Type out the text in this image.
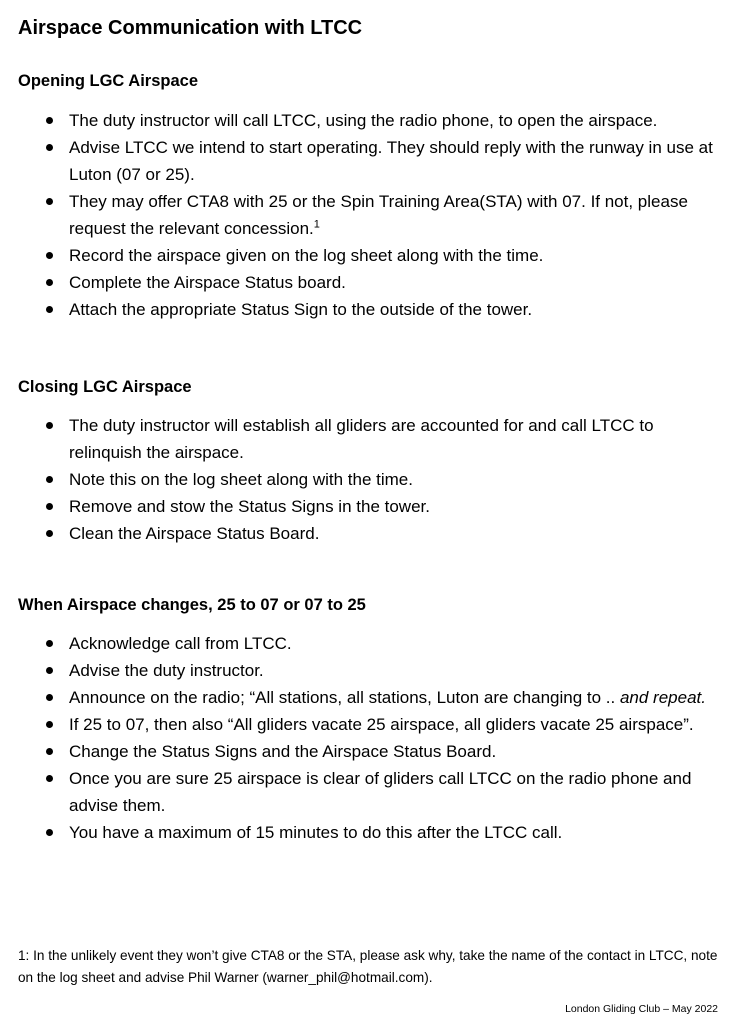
Airspace Communication with LTCC
Opening LGC Airspace
The duty instructor will call LTCC, using the radio phone, to open the airspace.
Advise LTCC we intend to start operating. They should reply with the runway in use at Luton (07 or 25).
They may offer CTA8 with 25 or the Spin Training Area(STA) with 07. If not, please request the relevant concession.$^1$
Record the airspace given on the log sheet along with the time.
Complete the Airspace Status board.
Attach the appropriate Status Sign to the outside of the tower.
Closing LGC Airspace
The duty instructor will establish all gliders are accounted for and call LTCC to relinquish the airspace.
Note this on the log sheet along with the time.
Remove and stow the Status Signs in the tower.
Clean the Airspace Status Board.
When Airspace changes, 25 to 07 or 07 to 25
Acknowledge call from LTCC.
Advise the duty instructor.
Announce on the radio; “All stations, all stations, Luton are changing to .. and repeat.
If 25 to 07, then also “All gliders vacate 25 airspace, all gliders vacate 25 airspace”.
Change the Status Signs and the Airspace Status Board.
Once you are sure 25 airspace is clear of gliders call LTCC on the radio phone and advise them.
You have a maximum of 15 minutes to do this after the LTCC call.

1: In the unlikely event they won’t give CTA8 or the STA, please ask why, take the name of the contact in LTCC, note on the log sheet and advise Phil Warner (warner_phil@hotmail.com).

London Gliding Club – May 2022
